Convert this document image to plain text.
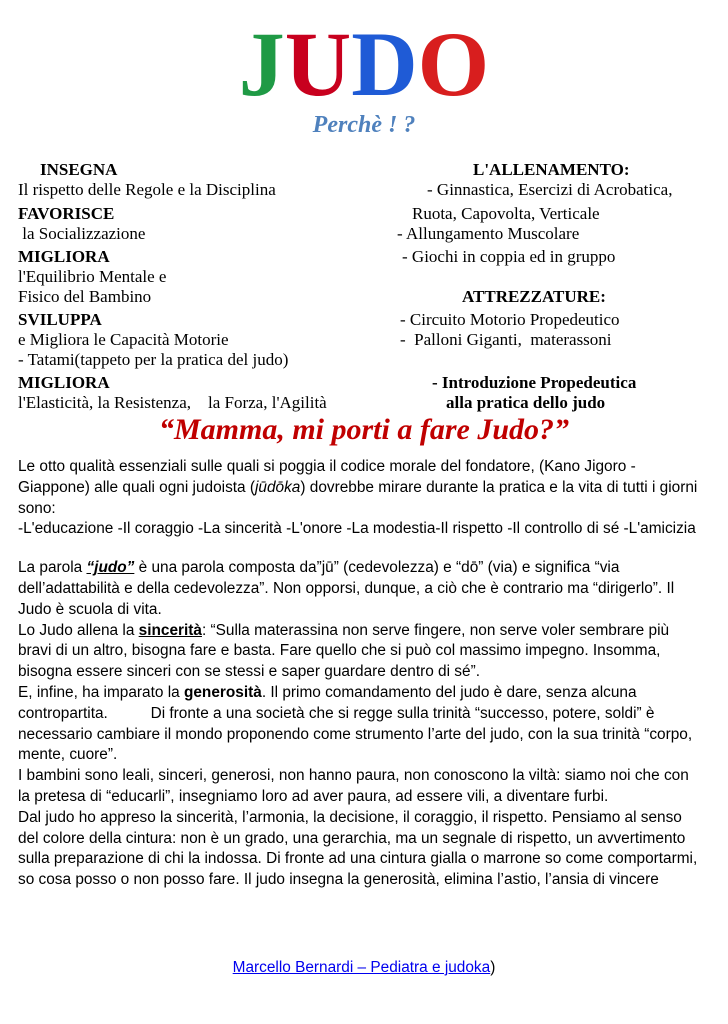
JUDO
Perchè ! ?
INSEGNA
Il rispetto delle Regole e la Disciplina
FAVORISCE
la Socializzazione
MIGLIORA
l'Equilibrio Mentale e
Fisico del Bambino
SVILUPPA
e Migliora le Capacità Motorie
- Tatami(tappeto per la pratica del judo)
MIGLIORA
l'Elasticità, la Resistenza,    la Forza, l'Agilità
L'ALLENAMENTO:
- Ginnastica, Esercizi di Acrobatica,
Ruota, Capovolta, Verticale
- Allungamento Muscolare
- Giochi in coppia ed in gruppo
ATTREZZATURE:
- Circuito Motorio Propedeutico
-  Palloni Giganti,  materassoni
- Introduzione Propedeutica
alla pratica dello judo
“Mamma, mi porti a fare Judo?”

Le otto qualità essenziali sulle quali si poggia il codice morale del fondatore, (Kano Jigoro - Giappone) alle quali ogni judoista (jūdōka) dovrebbe mirare durante la pratica e la vita di tutti i giorni sono:

-L'educazione -Il coraggio -La sincerità -L'onore -La modestia-Il rispetto -Il controllo di sé -L'amicizia

La parola “judo” è una parola composta da”jū” (cedevolezza) e “dō” (via) e significa “via dell’adattabilità e della cedevolezza”. Non opporsi, dunque, a ciò che è contrario ma “dirigerlo”. Il Judo è scuola di vita.

Lo Judo allena la sincerità: “Sulla materassina non serve fingere, non serve voler sembrare più bravi di un altro, bisogna fare e basta. Fare quello che si può col massimo impegno. Insomma, bisogna essere sinceri con se stessi e saper guardare dentro di sé”.

E, infine, ha imparato la generosità. Il primo comandamento del judo è dare, senza alcuna contropartita.          Di fronte a una società che si regge sulla trinità “successo, potere, soldi” è necessario cambiare il mondo proponendo come strumento l’arte del judo, con la sua trinità “corpo, mente, cuore”.

I bambini sono leali, sinceri, generosi, non hanno paura, non conoscono la viltà: siamo noi che con la pretesa di “educarli”, insegniamo loro ad aver paura, ad essere vili, a diventare furbi.

Dal judo ho appreso la sincerità, l’armonia, la decisione, il coraggio, il rispetto. Pensiamo al senso del colore della cintura: non è un grado, una gerarchia, ma un segnale di rispetto, un avvertimento sulla preparazione di chi la indossa. Di fronte ad una cintura gialla o marrone so come comportarmi, so cosa posso o non posso fare. Il judo insegna la generosità, elimina l’astio, l’ansia di vincere

Marcello Bernardi – Pediatra e judoka)
